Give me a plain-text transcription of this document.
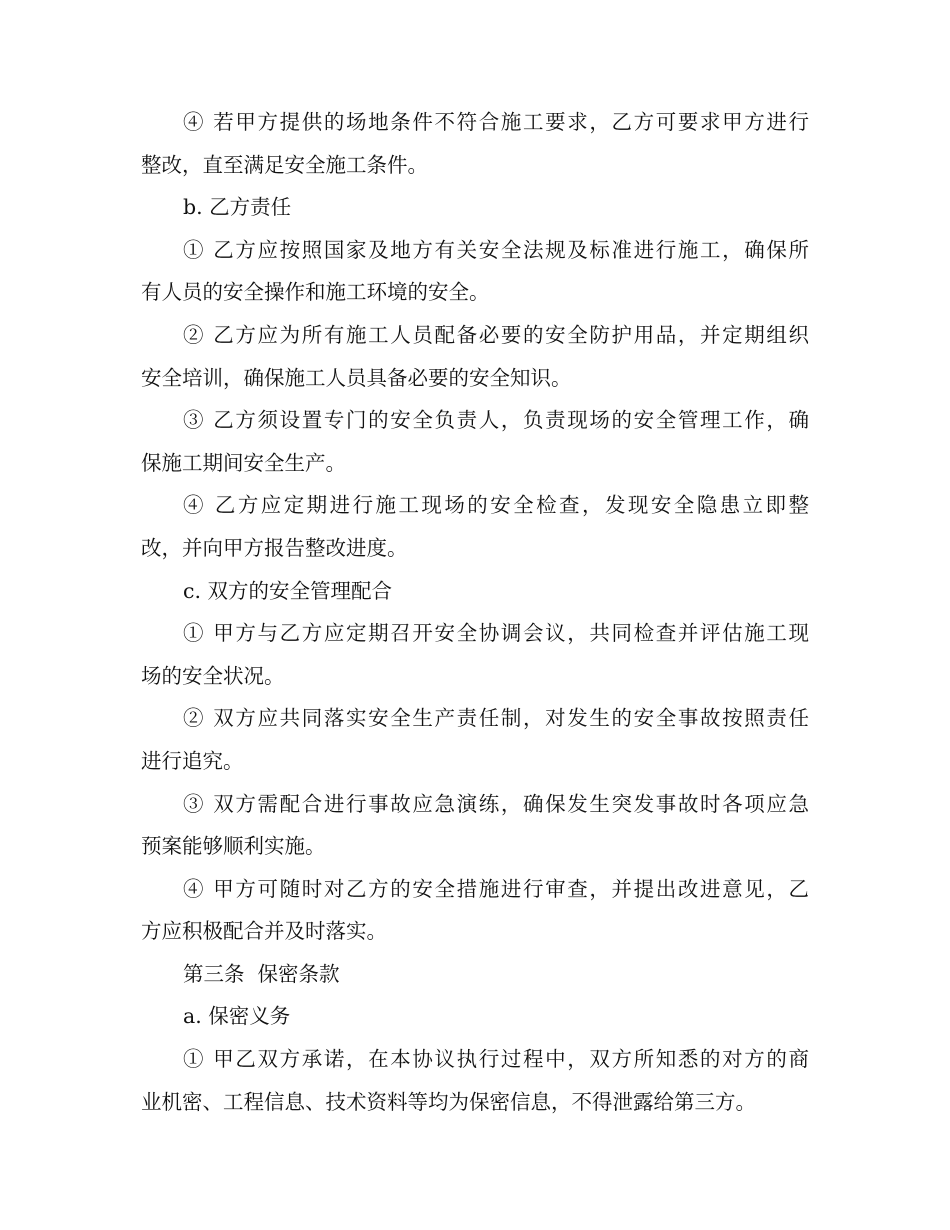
④ 若甲方提供的场地条件不符合施工要求，乙方可要求甲方进行
整改，直至满足安全施工条件。
b. 乙方责任
① 乙方应按照国家及地方有关安全法规及标准进行施工，确保所
有人员的安全操作和施工环境的安全。
② 乙方应为所有施工人员配备必要的安全防护用品，并定期组织
安全培训，确保施工人员具备必要的安全知识。
③ 乙方须设置专门的安全负责人，负责现场的安全管理工作，确
保施工期间安全生产。
④ 乙方应定期进行施工现场的安全检查，发现安全隐患立即整
改，并向甲方报告整改进度。
c. 双方的安全管理配合
① 甲方与乙方应定期召开安全协调会议，共同检查并评估施工现
场的安全状况。
② 双方应共同落实安全生产责任制，对发生的安全事故按照责任
进行追究。
③ 双方需配合进行事故应急演练，确保发生突发事故时各项应急
预案能够顺利实施。
④ 甲方可随时对乙方的安全措施进行审查，并提出改进意见，乙
方应积极配合并及时落实。
第三条  保密条款
a. 保密义务
① 甲乙双方承诺，在本协议执行过程中，双方所知悉的对方的商
业机密、工程信息、技术资料等均为保密信息，不得泄露给第三方。
